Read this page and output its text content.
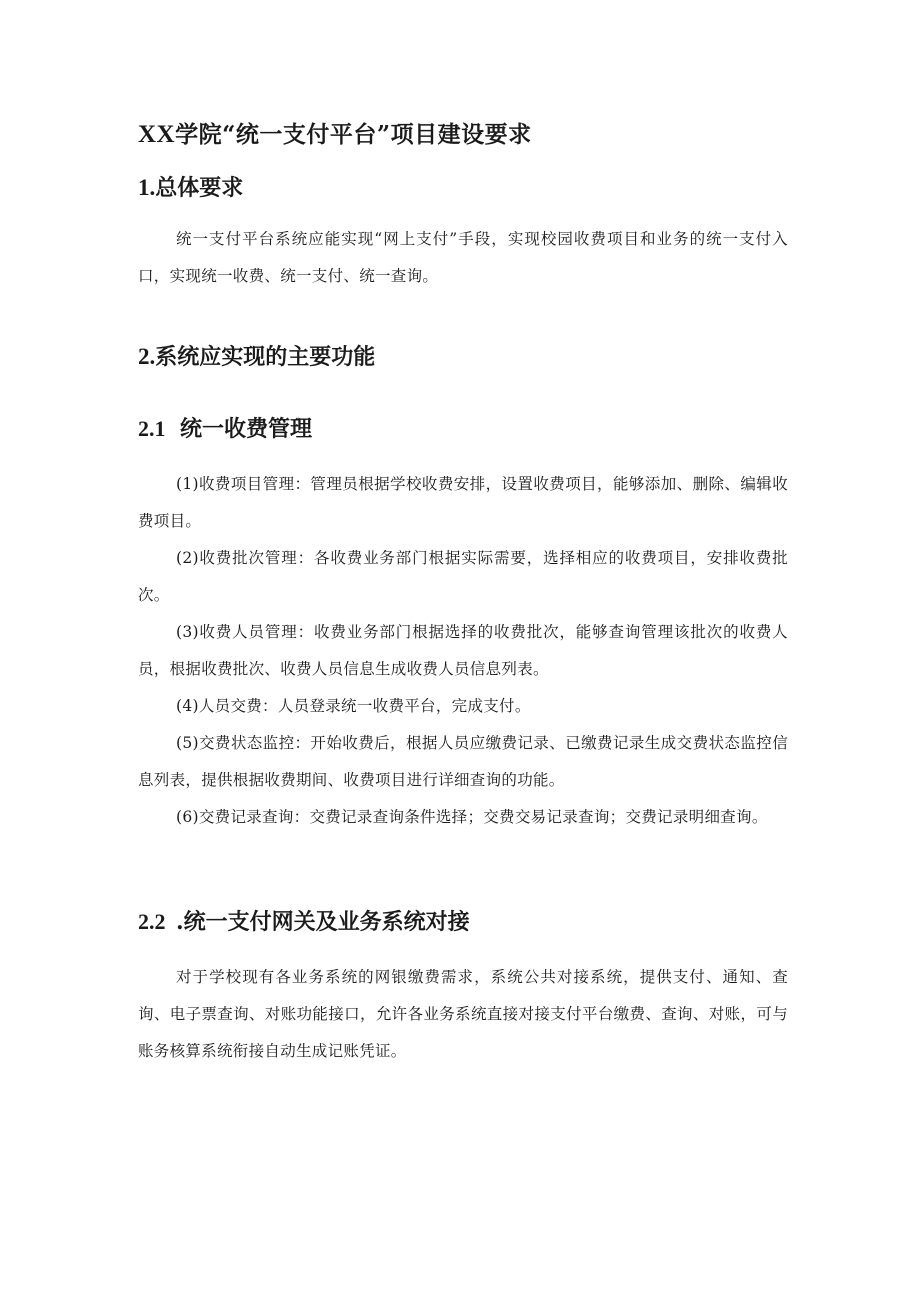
XX学院“统一支付平台”项目建设要求
1.总体要求

统一支付平台系统应能实现“网上支付”手段，实现校园收费项目和业务的统一支付入口，实现统一收费、统一支付、统一查询。

2.系统应实现的主要功能
2.1 统一收费管理

(1)收费项目管理：管理员根据学校收费安排，设置收费项目，能够添加、删除、编辑收费项目。

(2)收费批次管理：各收费业务部门根据实际需要，选择相应的收费项目，安排收费批次。

(3)收费人员管理：收费业务部门根据选择的收费批次，能够查询管理该批次的收费人员，根据收费批次、收费人员信息生成收费人员信息列表。

(4)人员交费：人员登录统一收费平台，完成支付。

(5)交费状态监控：开始收费后，根据人员应缴费记录、已缴费记录生成交费状态监控信息列表，提供根据收费期间、收费项目进行详细查询的功能。

(6)交费记录查询：交费记录查询条件选择；交费交易记录查询；交费记录明细查询。

2.2 .统一支付网关及业务系统对接

对于学校现有各业务系统的网银缴费需求，系统公共对接系统，提供支付、通知、查询、电子票查询、对账功能接口，允许各业务系统直接对接支付平台缴费、查询、对账，可与账务核算系统衔接自动生成记账凭证。
